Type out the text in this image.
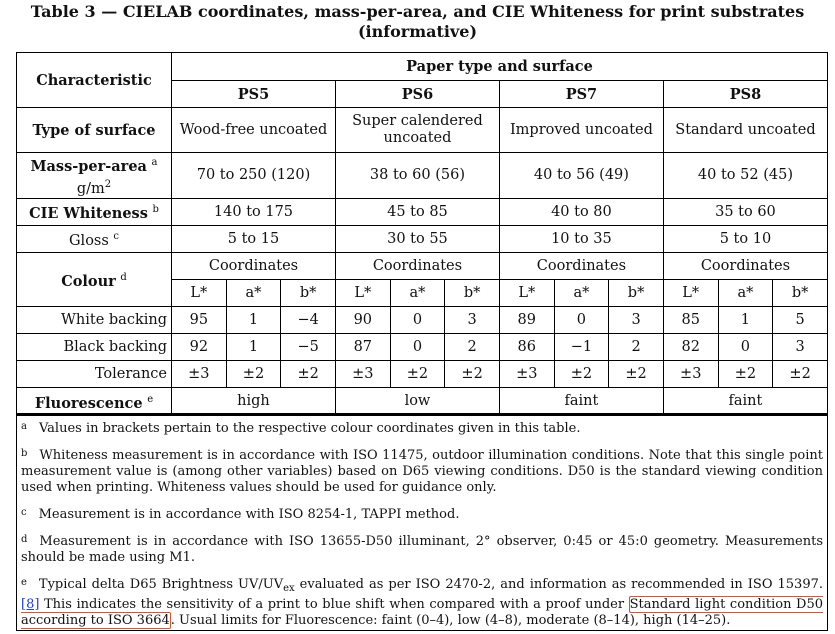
Table 3 — CIELAB coordinates, mass-per-area, and CIE Whiteness for print substrates
(informative)
Characteristic	Paper type and surface											
	PS5			PS6			PS7			PS8		
Type of surface	Wood-free uncoated			Super calendered uncoated			Improved uncoated			Standard uncoated		
Mass-per-area $^a$
$g/m^2$	70 to 250 (120)			38 to 60 (56)			40 to 56 (49)			40 to 52 (45)		
CIE Whiteness $^b$	140 to 175			45 to 85			40 to 80			35 to 60		
Gloss $^c$	5 to 15			30 to 55			10 to 35			5 to 10		
Colour $^d$	Coordinates			Coordinates			Coordinates			Coordinates		
	L*	a*	b*	L*	a*	b*	L*	a*	b*	L*	a*	b*
White backing	95	1	−4	90	0	3	89	0	3	85	1	5
Black backing	92	1	−5	87	0	2	86	−1	2	82	0	3
Tolerance	±3	±2	±2	±3	±2	±2	±3	±2	±2	±3	±2	±2
Fluorescence $^e$	high			low			faint			faint		

$^a$ Values in brackets pertain to the respective colour coordinates given in this table.

$^b$ Whiteness measurement is in accordance with ISO 11475, outdoor illumination conditions. Note that this single point measurement value is (among other variables) based on D65 viewing conditions. D50 is the standard viewing condition used when printing. Whiteness values should be used for guidance only.

$^c$ Measurement is in accordance with ISO 8254-1, TAPPI method.

$^d$ Measurement is in accordance with ISO 13655-D50 illuminant, 2° observer, 0:45 or 45:0 geometry. Measurements should be made using M1.

$^e$ Typical delta D65 Brightness $UV/UV_{ex}$ evaluated as per ISO 2470-2, and information as recommended in ISO 15397. [8] This indicates the sensitivity of a print to blue shift when compared with a proof under Standard light condition D50 according to ISO 3664. Usual limits for Fluorescence: faint (0–4), low (4–8), moderate (8–14), high (14–25).
